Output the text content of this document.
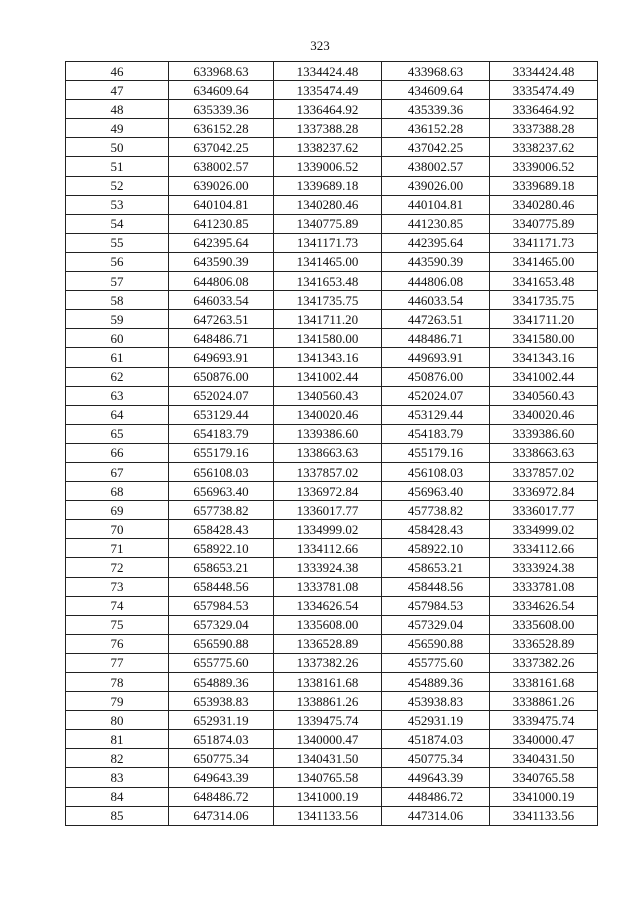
323
46	633968.63	1334424.48	433968.63	3334424.48
47	634609.64	1335474.49	434609.64	3335474.49
48	635339.36	1336464.92	435339.36	3336464.92
49	636152.28	1337388.28	436152.28	3337388.28
50	637042.25	1338237.62	437042.25	3338237.62
51	638002.57	1339006.52	438002.57	3339006.52
52	639026.00	1339689.18	439026.00	3339689.18
53	640104.81	1340280.46	440104.81	3340280.46
54	641230.85	1340775.89	441230.85	3340775.89
55	642395.64	1341171.73	442395.64	3341171.73
56	643590.39	1341465.00	443590.39	3341465.00
57	644806.08	1341653.48	444806.08	3341653.48
58	646033.54	1341735.75	446033.54	3341735.75
59	647263.51	1341711.20	447263.51	3341711.20
60	648486.71	1341580.00	448486.71	3341580.00
61	649693.91	1341343.16	449693.91	3341343.16
62	650876.00	1341002.44	450876.00	3341002.44
63	652024.07	1340560.43	452024.07	3340560.43
64	653129.44	1340020.46	453129.44	3340020.46
65	654183.79	1339386.60	454183.79	3339386.60
66	655179.16	1338663.63	455179.16	3338663.63
67	656108.03	1337857.02	456108.03	3337857.02
68	656963.40	1336972.84	456963.40	3336972.84
69	657738.82	1336017.77	457738.82	3336017.77
70	658428.43	1334999.02	458428.43	3334999.02
71	658922.10	1334112.66	458922.10	3334112.66
72	658653.21	1333924.38	458653.21	3333924.38
73	658448.56	1333781.08	458448.56	3333781.08
74	657984.53	1334626.54	457984.53	3334626.54
75	657329.04	1335608.00	457329.04	3335608.00
76	656590.88	1336528.89	456590.88	3336528.89
77	655775.60	1337382.26	455775.60	3337382.26
78	654889.36	1338161.68	454889.36	3338161.68
79	653938.83	1338861.26	453938.83	3338861.26
80	652931.19	1339475.74	452931.19	3339475.74
81	651874.03	1340000.47	451874.03	3340000.47
82	650775.34	1340431.50	450775.34	3340431.50
83	649643.39	1340765.58	449643.39	3340765.58
84	648486.72	1341000.19	448486.72	3341000.19
85	647314.06	1341133.56	447314.06	3341133.56
